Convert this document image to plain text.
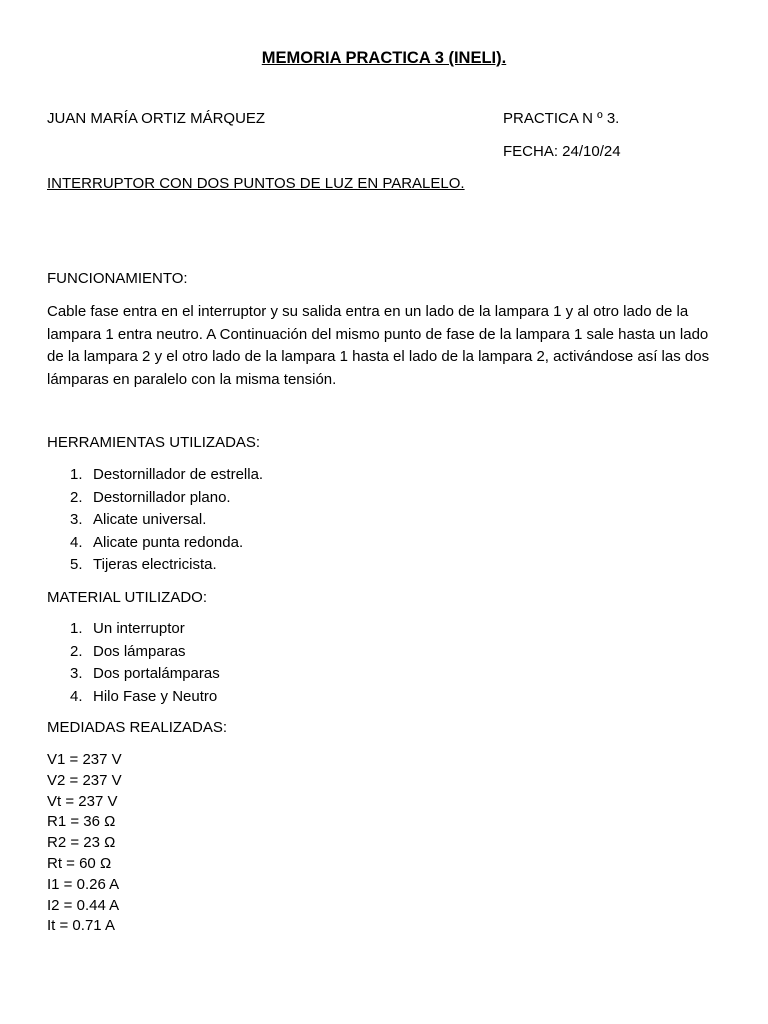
MEMORIA PRACTICA 3 (INELI).
JUAN MARÍA ORTIZ MÁRQUEZ	PRACTICA N º 3.
FECHA: 24/10/24
INTERRUPTOR CON DOS PUNTOS DE LUZ EN PARALELO.
FUNCIONAMIENTO:
Cable fase entra en el interruptor y su salida entra en un lado de la lampara 1 y al otro lado de la lampara 1 entra neutro. A Continuación del mismo punto de fase de la lampara 1 sale hasta un lado de la lampara 2 y el otro lado de la lampara 1 hasta el lado de la lampara 2, activándose así las dos lámparas en paralelo con la misma tensión.
HERRAMIENTAS UTILIZADAS:
1. Destornillador de estrella.
2. Destornillador plano.
3. Alicate universal.
4. Alicate punta redonda.
5. Tijeras electricista.
MATERIAL UTILIZADO:
1. Un interruptor
2. Dos lámparas
3. Dos portalámparas
4. Hilo Fase y Neutro
MEDIADAS REALIZADAS:
V1 = 237 V
V2 = 237 V
Vt = 237 V
R1 = 36 Ω
R2 = 23 Ω
Rt = 60 Ω
I1 = 0.26 A
I2 = 0.44 A
It = 0.71 A
